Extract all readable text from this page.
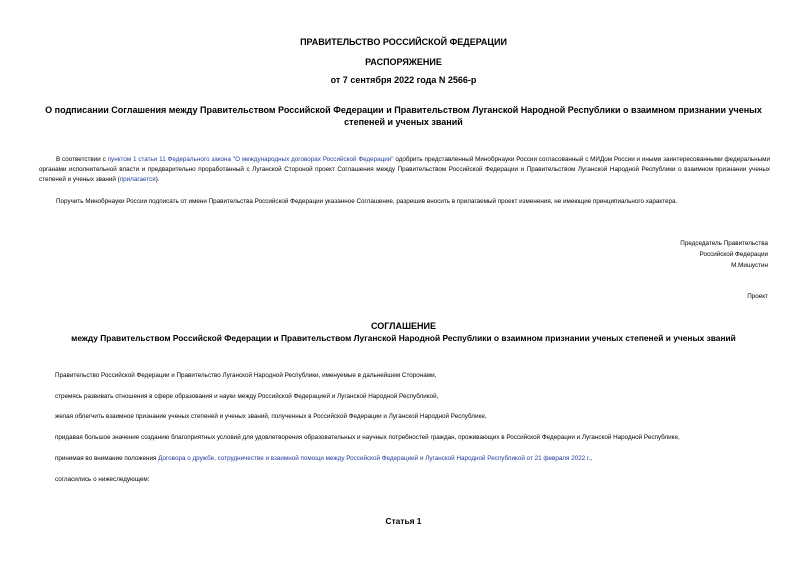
ПРАВИТЕЛЬСТВО РОССИЙСКОЙ ФЕДЕРАЦИИ
РАСПОРЯЖЕНИЕ
от 7 сентября 2022 года N 2566-р
О подписании Соглашения между Правительством Российской Федерации и Правительством Луганской Народной Республики о взаимном признании ученых степеней и ученых званий
В соответствии с пунктом 1 статьи 11 Федерального закона "О международных договорах Российской Федерации" одобрить представленный Минобрнауки России согласованный с МИДом России и иными заинтересованными федеральными органами исполнительной власти и предварительно проработанный с Луганской Стороной проект Соглашения между Правительством Российской Федерации и Правительством Луганской Народной Республики о взаимном признании ученых степеней и ученых званий (прилагается).
Поручить Минобрнауки России подписать от имени Правительства Российской Федерации указанное Соглашение, разрешив вносить в прилагаемый проект изменения, не имеющие принципиального характера.
Председатель Правительства
Российской Федерации
М.Мишустин
Проект
СОГЛАШЕНИЕ
между Правительством Российской Федерации и Правительством Луганской Народной Республики о взаимном признании ученых степеней и ученых званий
Правительство Российской Федерации и Правительство Луганской Народной Республики, именуемые в дальнейшем Сторонами,
стремясь развивать отношения в сфере образования и науки между Российской Федерацией и Луганской Народной Республикой,
желая облегчить взаимное признание ученых степеней и ученых званий, полученных в Российской Федерации и Луганской Народной Республике,
придавая большое значение созданию благоприятных условий для удовлетворения образовательных и научных потребностей граждан, проживающих в Российской Федерации и Луганской Народной Республике,
принимая во внимание положения Договора о дружбе, сотрудничестве и взаимной помощи между Российской Федерацией и Луганской Народной Республикой от 21 февраля 2022 г.,
согласились о нижеследующем:
Статья 1
